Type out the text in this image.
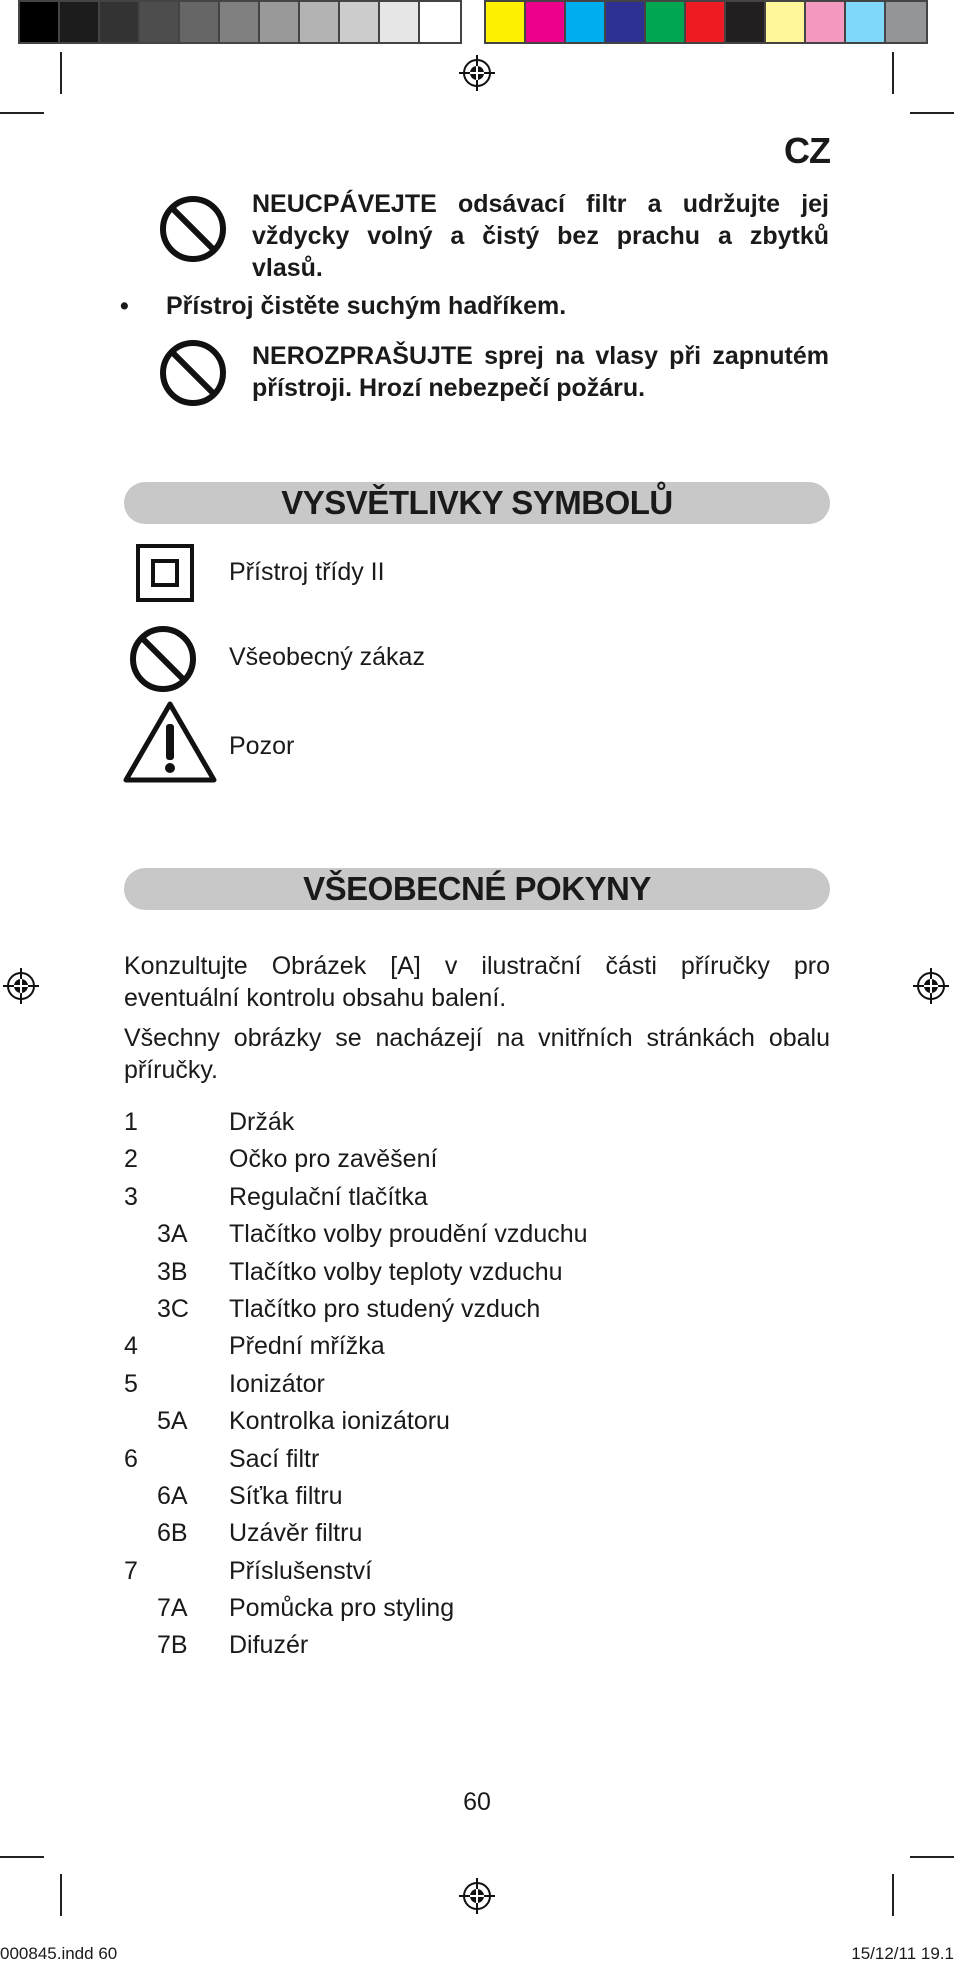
CZ
NEUCPÁVEJTE odsávací filtr a udržujte jej vždycky volný a čistý bez prachu a zbytků vlasů.
• Přístroj čistěte suchým hadříkem.
NEROZPRAŠUJTE sprej na vlasy při zapnutém přístroji. Hrozí nebezpečí požáru.
VYSVĚTLIVKY SYMBOLŮ
Přístroj třídy II
Všeobecný zákaz
Pozor
VŠEOBECNÉ POKYNY
Konzultujte Obrázek [A] v ilustrační části příručky pro eventuální kontrolu obsahu balení.
Všechny obrázky se nacházejí na vnitřních stránkách obalu příručky.
1	Držák
2	Očko pro zavěšení
3	Regulační tlačítka
3A Tlačítko volby proudění vzduchu
3B Tlačítko volby teploty vzduchu
3C Tlačítko pro studený vzduch
4	Přední mřížka
5	Ionizátor
5A Kontrolka ionizátoru
6	Sací filtr
6A Síťka filtru
6B Uzávěr filtru
7	Příslušenství
7A Pomůcka pro styling
7B Difuzér
60
000845.indd 60	15/12/11 19.1
